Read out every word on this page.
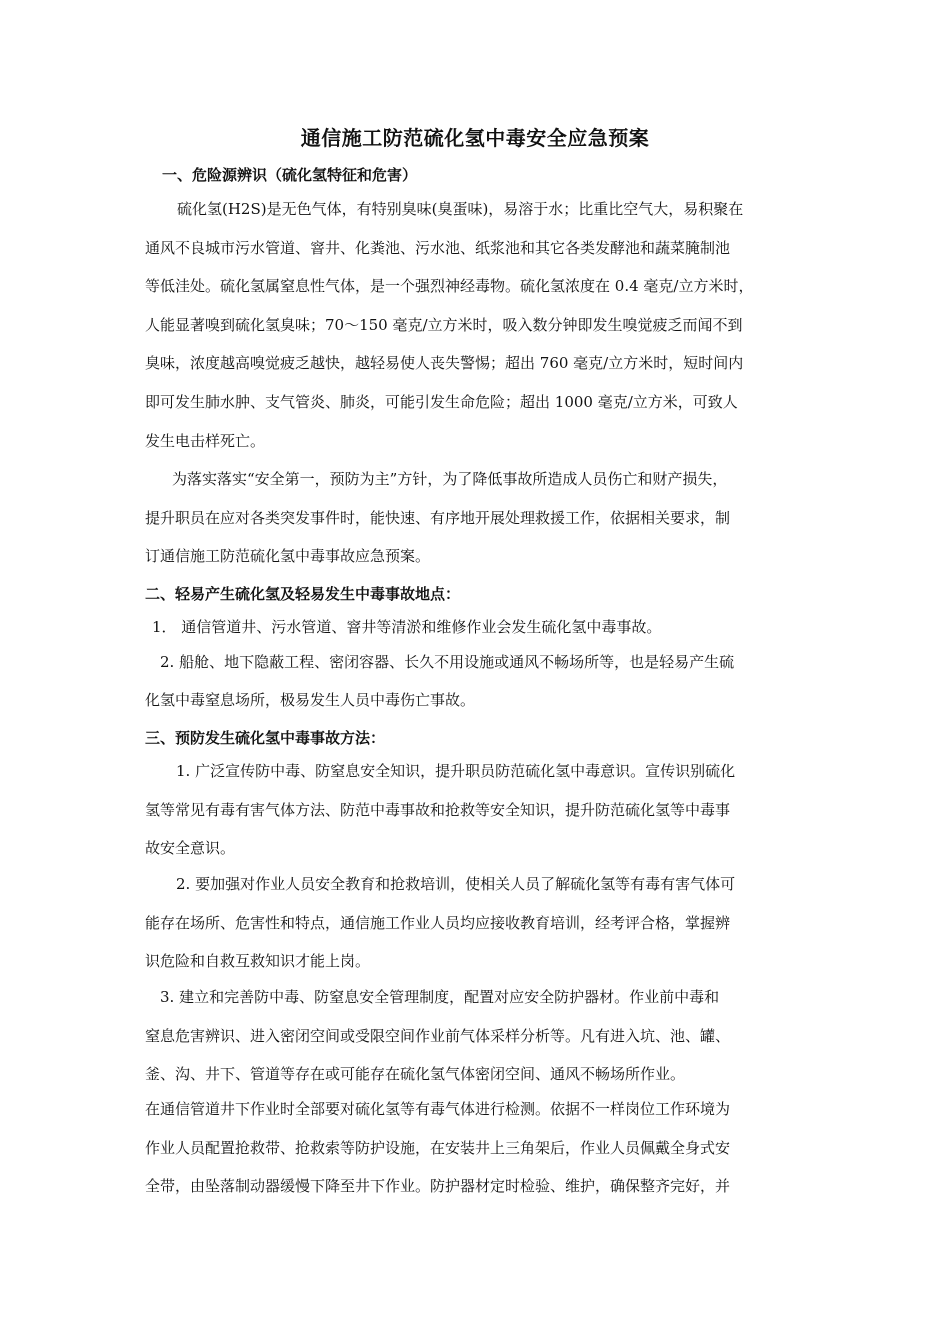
通信施工防范硫化氢中毒安全应急预案
一、危险源辨识（硫化氢特征和危害）
硫化氢(H2S)是无色气体，有特别臭味(臭蛋味)，易溶于水；比重比空气大，易积聚在
通风不良城市污水管道、窨井、化粪池、污水池、纸浆池和其它各类发酵池和蔬菜腌制池
等低洼处。硫化氢属窒息性气体，是一个强烈神经毒物。硫化氢浓度在 0.4 毫克/立方米时，
人能显著嗅到硫化氢臭味；70～150 毫克/立方米时，吸入数分钟即发生嗅觉疲乏而闻不到
臭味，浓度越高嗅觉疲乏越快，越轻易使人丧失警惕；超出 760 毫克/立方米时，短时间内
即可发生肺水肿、支气管炎、肺炎，可能引发生命危险；超出 1000 毫克/立方米，可致人
发生电击样死亡。
为落实落实“安全第一，预防为主”方针，为了降低事故所造成人员伤亡和财产损失，
提升职员在应对各类突发事件时，能快速、有序地开展处理救援工作，依据相关要求，制
订通信施工防范硫化氢中毒事故应急预案。
二、轻易产生硫化氢及轻易发生中毒事故地点：
1． 通信管道井、污水管道、窨井等清淤和维修作业会发生硫化氢中毒事故。
2. 船舱、地下隐蔽工程、密闭容器、长久不用设施或通风不畅场所等，也是轻易产生硫
化氢中毒窒息场所，极易发生人员中毒伤亡事故。
三、预防发生硫化氢中毒事故方法：
1. 广泛宣传防中毒、防窒息安全知识，提升职员防范硫化氢中毒意识。宣传识别硫化
氢等常见有毒有害气体方法、防范中毒事故和抢救等安全知识，提升防范硫化氢等中毒事
故安全意识。
2. 要加强对作业人员安全教育和抢救培训，使相关人员了解硫化氢等有毒有害气体可
能存在场所、危害性和特点，通信施工作业人员均应接收教育培训，经考评合格，掌握辨
识危险和自救互救知识才能上岗。
3. 建立和完善防中毒、防窒息安全管理制度，配置对应安全防护器材。作业前中毒和
窒息危害辨识、进入密闭空间或受限空间作业前气体采样分析等。凡有进入坑、池、罐、
釜、沟、井下、管道等存在或可能存在硫化氢气体密闭空间、通风不畅场所作业。
在通信管道井下作业时全部要对硫化氢等有毒气体进行检测。依据不一样岗位工作环境为
作业人员配置抢救带、抢救索等防护设施，在安装井上三角架后，作业人员佩戴全身式安
全带，由坠落制动器缓慢下降至井下作业。防护器材定时检验、维护，确保整齐完好，并
